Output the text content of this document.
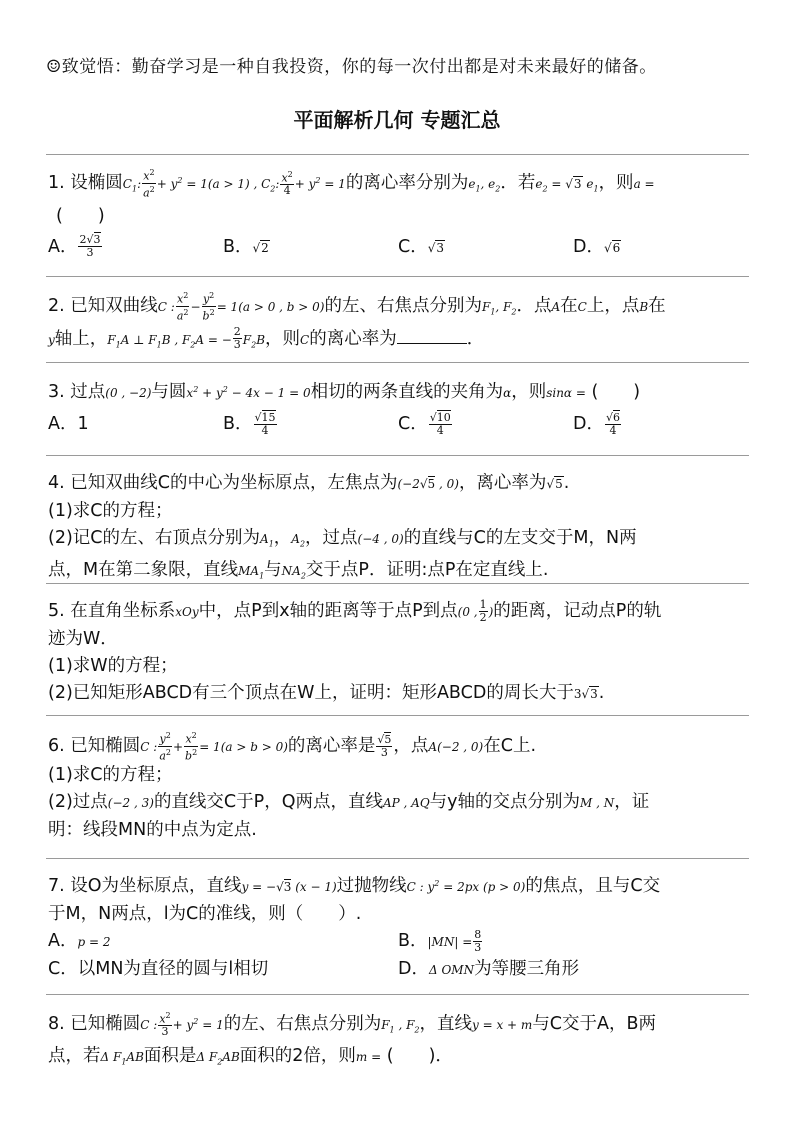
☺致觉悟：勤奋学习是一种自我投资，你的每一次付出都是对未来最好的储备。
平面解析几何 专题汇总
1. 设椭圆$C_1$: $\frac{x^2}{a^2} + y^2 = 1(a > 1)$ , $C_2$: $\frac{x^2}{4} + y^2 = 1$的离心率分别为$e_1$, $e_2$．若$e_2 = √3$ $e_1$，则a =
(　　)
A． $\frac{2√3}{3}$	B．√2	C．√3	D．√6
2. 已知双曲线C : $\frac{x^2}{a^2} - \frac{y^2}{b^2} = 1(a > 0$ , b > 0)的左、右焦点分别为$F_1$, $F_2$．点A在C上，点B在
y轴上，$F_1A$ ⊥ $F_1B$ , $F_2A$ = − $\frac{2}{3} F_2B$，则C的离心率为	．
3. 过点(0 , −2)与圆$x^2 + y^2 - 4x - 1 = 0$相切的两条直线的夹角为α，则sinα = (　　)
A．1	B． $\frac{√15}{4}$	C． $\frac{√10}{4}$	D． $\frac{√6}{4}$
4. 已知双曲线C的中心为坐标原点，左焦点为(−2√5 , 0)，离心率为√5.
(1)求C的方程；
(2)记C的左、右顶点分别为$A_1$，$A_2$，过点(−4 , 0)的直线与C的左支交于M，N两
点，M在第二象限，直线$MA_1$与$NA_2$交于点P．证明:点P在定直线上.
5. 在直角坐标系xOy中，点P到x轴的距离等于点P到点(0 , $\frac{1}{2}$ )的距离，记动点P的轨
迹为W．
(1)求W的方程；
(2)已知矩形ABCD有三个顶点在W上，证明：矩形ABCD的周长大于3√3.
6. 已知椭圆C : $\frac{y^2}{a^2} + \frac{x^2}{b^2} = 1(a > b > 0)$的离心率是 $\frac{√5}{3}$ ，点A(−2 , 0)在C上.
(1)求C的方程；
(2)过点(−2 , 3)的直线交C于P，Q两点，直线AP , AQ与y轴的交点分别为M , N，证
明：线段MN的中点为定点.
7. 设O为坐标原点，直线y = −√3 (x − 1)过抛物线C : $y^2 = 2px$ (p > 0)的焦点，且与C交
于M，N两点，l为C的准线，则（　　）.
A．p = 2	B．$|MN| = \frac{8}{3}$
C．以MN为直径的圆与l相切	D．Δ OMN为等腰三角形
8. 已知椭圆C : $\frac{x^2}{3} + y^2 = 1$的左、右焦点分别为$F_1$ , $F_2$，直线y = x + m与C交于A，B两
点，若Δ $F_1AB$面积是Δ $F_2AB$面积的2倍，则m = (　　)．
